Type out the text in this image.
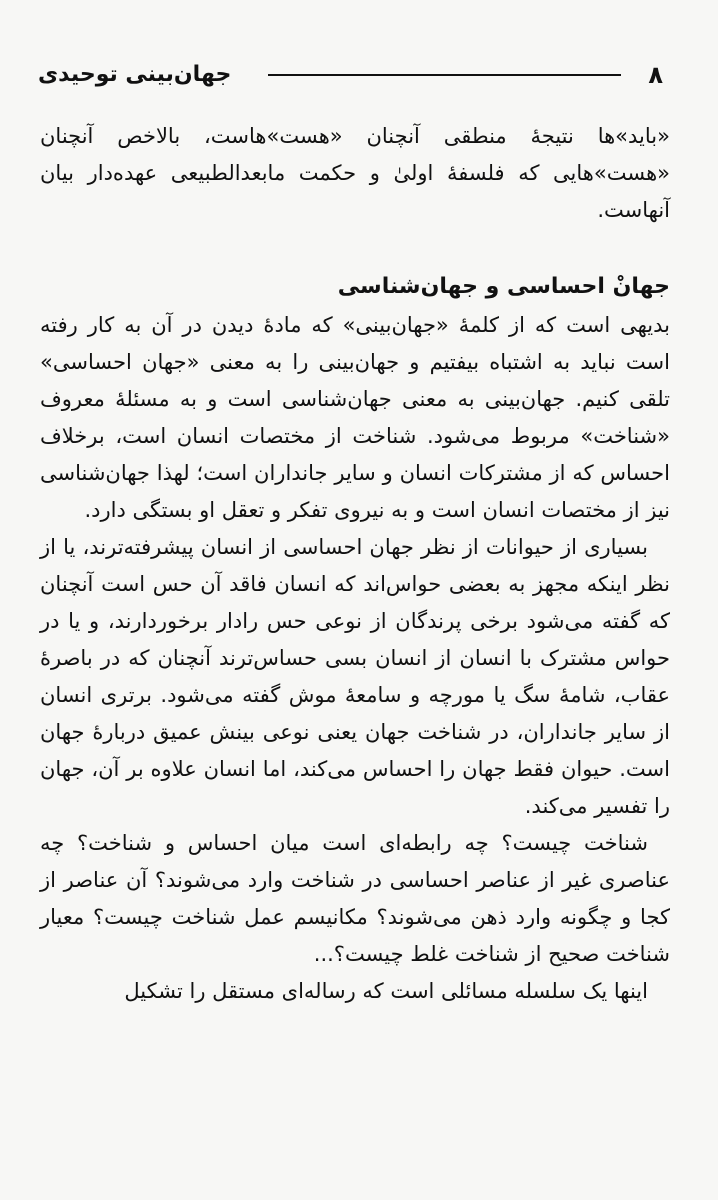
۸
جهان‌بینی توحیدی

«باید»ها نتیجهٔ منطقی آنچنان «هست»هاست، بالاخص آنچنان «هست»هایی که فلسفهٔ اولیٰ و حکمت مابعدالطبیعی عهده‌دار بیان آنهاست.

جهانْ احساسی و جهان‌شناسی

بدیهی است که از کلمهٔ «جهان‌بینی» که مادهٔ دیدن در آن به کار رفته است نباید به اشتباه بیفتیم و جهان‌بینی را به معنی «جهان احساسی» تلقی کنیم. جهان‌بینی به معنی جهان‌شناسی است و به مسئلهٔ معروف «شناخت» مربوط می‌شود. شناخت از مختصات انسان است، برخلاف احساس که از مشترکات انسان و سایر جانداران است؛ لهذا جهان‌شناسی نیز از مختصات انسان است و به نیروی تفکر و تعقل او بستگی دارد.

بسیاری از حیوانات از نظر جهان احساسی از انسان پیشرفته‌ترند، یا از نظر اینکه مجهز به بعضی حواس‌اند که انسان فاقد آن حس است آنچنان که گفته می‌شود برخی پرندگان از نوعی حس رادار برخوردارند، و یا در حواس مشترک با انسان از انسان بسی حساس‌ترند آنچنان که در باصرهٔ عقاب، شامهٔ سگ یا مورچه و سامعهٔ موش گفته می‌شود. برتری انسان از سایر جانداران، در شناخت جهان یعنی نوعی بینش عمیق دربارهٔ جهان است. حیوان فقط جهان را احساس می‌کند، اما انسان علاوه بر آن، جهان را تفسیر می‌کند.

شناخت چیست؟ چه رابطه‌ای است میان احساس و شناخت؟ چه عناصری غیر از عناصر احساسی در شناخت وارد می‌شوند؟ آن عناصر از کجا و چگونه وارد ذهن می‌شوند؟ مکانیسم عمل شناخت چیست؟ معیار شناخت صحیح از شناخت غلط چیست؟...

اینها یک سلسله مسائلی است که رساله‌ای مستقل را تشکیل
